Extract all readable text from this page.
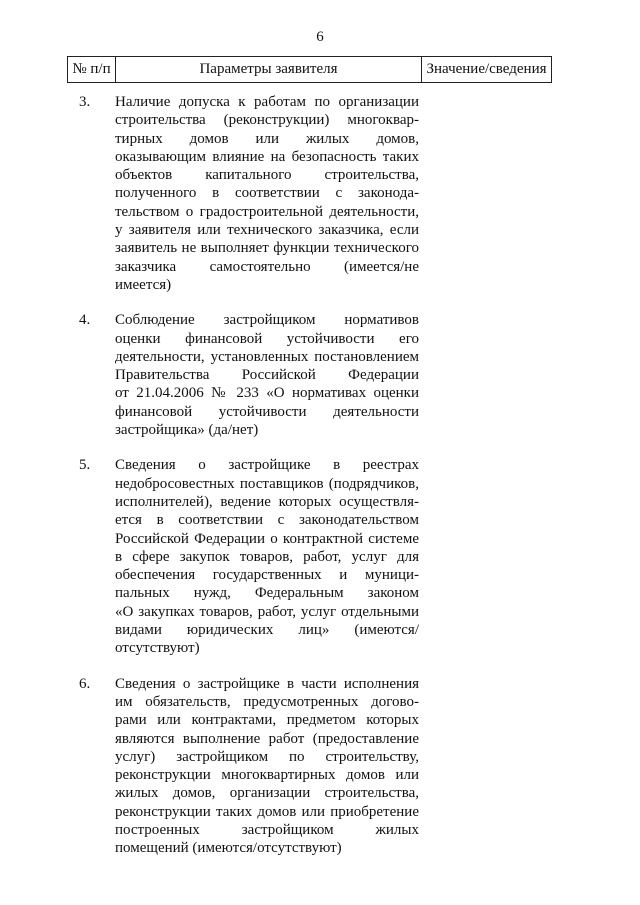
6
№ п/п	Параметры заявителя	Значение/сведения
3.	Наличие допуска к работам по организации
строительства (реконструкции) многоквар-
тирных домов или жилых домов,
оказывающим влияние на безопасность таких
объектов капитального строительства,
полученного в соответствии с законода-
тельством о градостроительной деятельности,
у заявителя или технического заказчика, если
заявитель не выполняет функции технического
заказчика самостоятельно (имеется/не
имеется)
4.	Соблюдение застройщиком нормативов
оценки финансовой устойчивости его
деятельности, установленных постановлением
Правительства Российской Федерации
от 21.04.2006 № 233 «О нормативах оценки
финансовой устойчивости деятельности
застройщика» (да/нет)
5.	Сведения о застройщике в реестрах
недобросовестных поставщиков (подрядчиков,
исполнителей), ведение которых осуществля-
ется в соответствии с законодательством
Российской Федерации о контрактной системе
в сфере закупок товаров, работ, услуг для
обеспечения государственных и муници-
пальных нужд, Федеральным законом
«О закупках товаров, работ, услуг отдельными
видами юридических лиц» (имеются/
отсутствуют)
6.	Сведения о застройщике в части исполнения
им обязательств, предусмотренных догово-
рами или контрактами, предметом которых
являются выполнение работ (предоставление
услуг) застройщиком по строительству,
реконструкции многоквартирных домов или
жилых домов, организации строительства,
реконструкции таких домов или приобретение
построенных застройщиком жилых
помещений (имеются/отсутствуют)
